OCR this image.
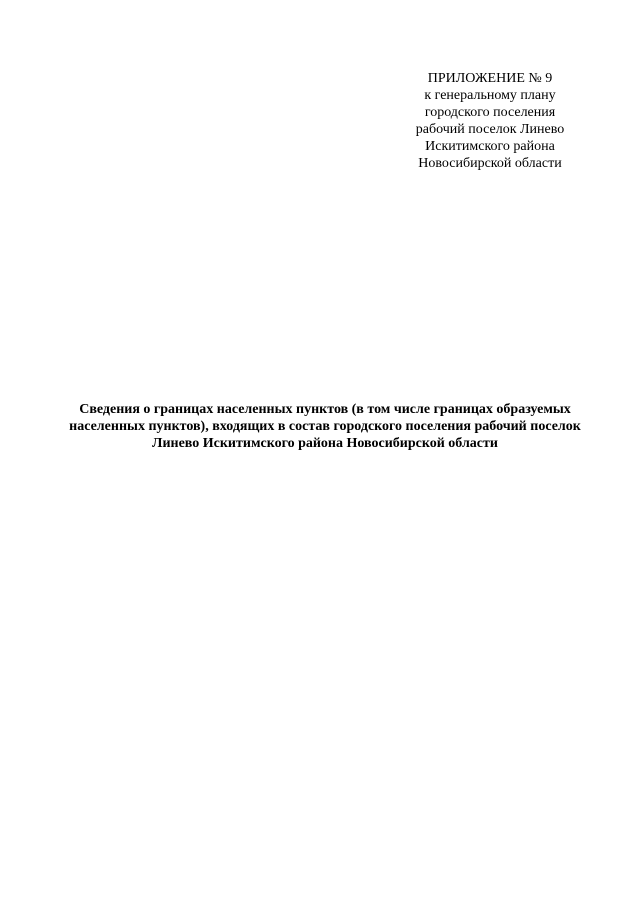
ПРИЛОЖЕНИЕ № 9
к генеральному плану
городского поселения
рабочий поселок Линево
Искитимского района
Новосибирской области
Сведения о границах населенных пунктов (в том числе границах образуемых
населенных пунктов), входящих в состав городского поселения рабочий поселок
Линево Искитимского района Новосибирской области
